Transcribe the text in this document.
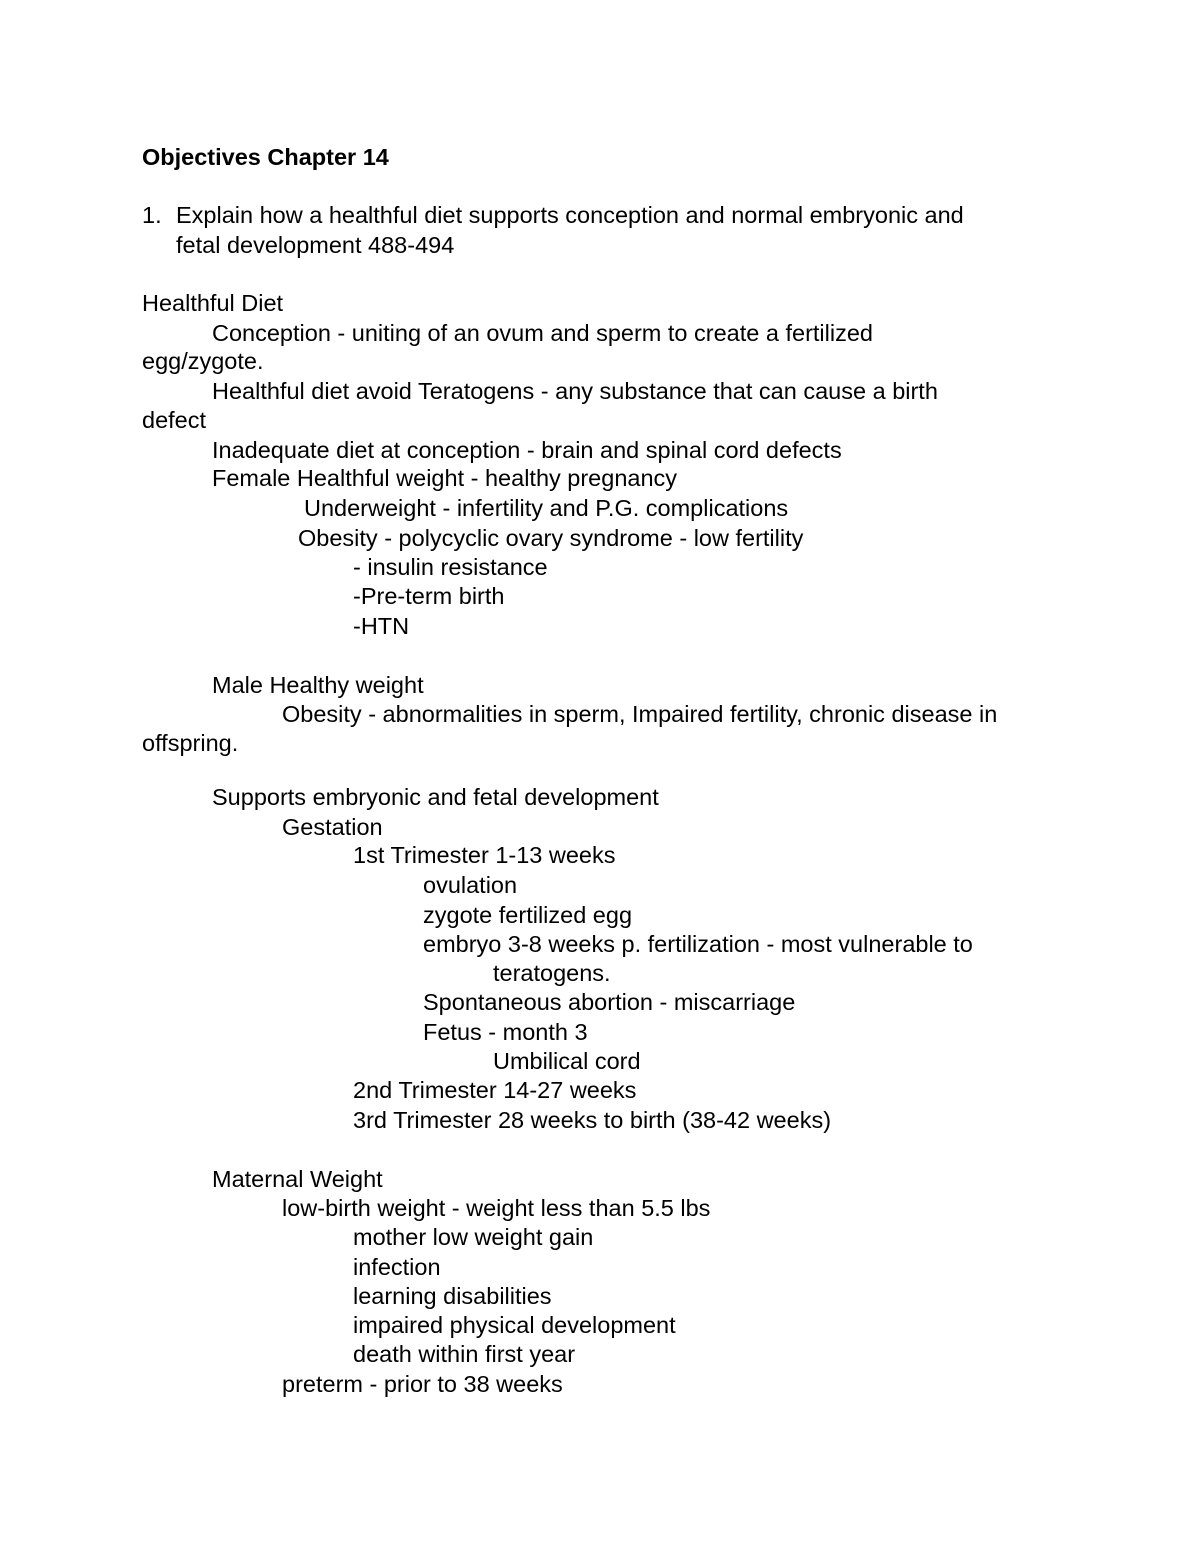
Objectives Chapter 14
1. Explain how a healthful diet supports conception and normal embryonic and
fetal development 488-494
Healthful Diet
Conception - uniting of an ovum and sperm to create a fertilized
egg/zygote.
Healthful diet avoid Teratogens - any substance that can cause a birth
defect
Inadequate diet at conception - brain and spinal cord defects
Female Healthful weight - healthy pregnancy
Underweight - infertility and P.G. complications
Obesity - polycyclic ovary syndrome - low fertility
- insulin resistance
-Pre-term birth
-HTN
Male Healthy weight
Obesity - abnormalities in sperm, Impaired fertility, chronic disease in
offspring.
Supports embryonic and fetal development
Gestation
1st Trimester 1-13 weeks
ovulation
zygote fertilized egg
embryo 3-8 weeks p. fertilization - most vulnerable to
teratogens.
Spontaneous abortion - miscarriage
Fetus - month 3
Umbilical cord
2nd Trimester 14-27 weeks
3rd Trimester 28 weeks to birth (38-42 weeks)
Maternal Weight
low-birth weight - weight less than 5.5 lbs
mother low weight gain
infection
learning disabilities
impaired physical development
death within first year
preterm - prior to 38 weeks
